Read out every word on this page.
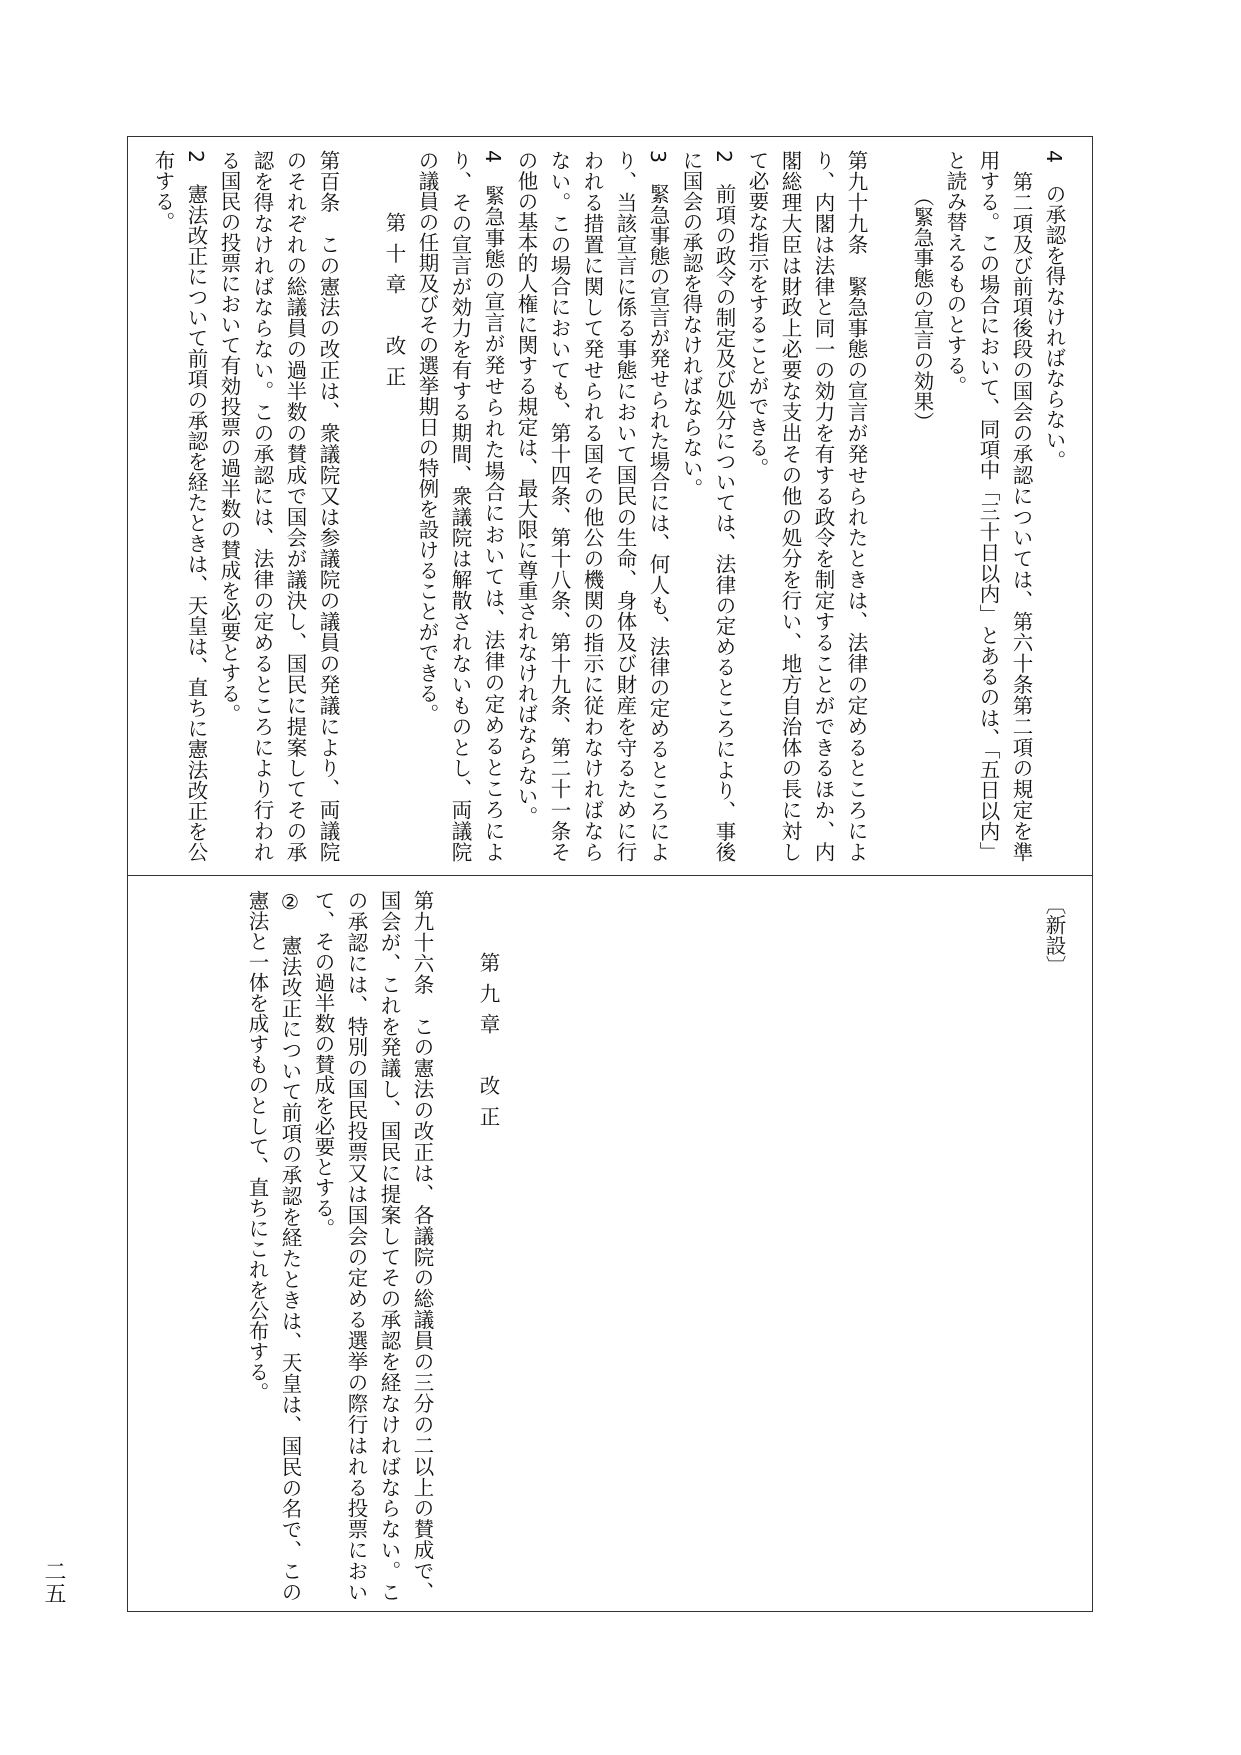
4　の承認を得なければならない。

　第二項及び前項後段の国会の承認については、第六十条第二項の規定を準用する。この場合において、同項中「三十日以内」とあるのは、「五日以内」と読み替えるものとする。

（緊急事態の宣言の効果）

第九十九条　緊急事態の宣言が発せられたときは、法律の定めるところにより、内閣は法律と同一の効力を有する政令を制定することができるほか、内閣総理大臣は財政上必要な支出その他の処分を行い、地方自治体の長に対して必要な指示をすることができる。

2　前項の政令の制定及び処分については、法律の定めるところにより、事後に国会の承認を得なければならない。

3　緊急事態の宣言が発せられた場合には、何人も、法律の定めるところにより、当該宣言に係る事態において国民の生命、身体及び財産を守るために行われる措置に関して発せられる国その他公の機関の指示に従わなければならない。この場合においても、第十四条、第十八条、第十九条、第二十一条その他の基本的人権に関する規定は、最大限に尊重されなければならない。

4　緊急事態の宣言が発せられた場合においては、法律の定めるところにより、その宣言が効力を有する期間、衆議院は解散されないものとし、両議院の議員の任期及びその選挙期日の特例を設けることができる。

第十章　改正

第百条　この憲法の改正は、衆議院又は参議院の議員の発議により、両議院のそれぞれの総議員の過半数の賛成で国会が議決し、国民に提案してその承認を得なければならない。この承認には、法律の定めるところにより行われる国民の投票において有効投票の過半数の賛成を必要とする。

2　憲法改正について前項の承認を経たときは、天皇は、直ちに憲法改正を公布する。

〔新設〕

第九章　改正

第九十六条　この憲法の改正は、各議院の総議員の三分の二以上の賛成で、国会が、これを発議し、国民に提案してその承認を経なければならない。この承認には、特別の国民投票又は国会の定める選挙の際行はれる投票において、その過半数の賛成を必要とする。

②　憲法改正について前項の承認を経たときは、天皇は、国民の名で、この憲法と一体を成すものとして、直ちにこれを公布する。

二五
